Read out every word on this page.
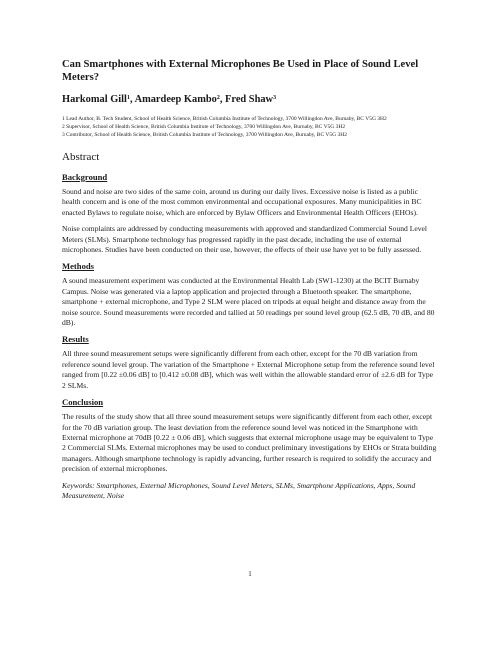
Can Smartphones with External Microphones Be Used in Place of Sound Level Meters?
Harkomal Gill$^1$, Amardeep Kambo$^2$, Fred Shaw$^3$
1 Lead Author, B. Tech Student, School of Health Science, British Columbia Institute of Technology, 3700 Willingdon Ave, Burnaby, BC V5G 3H2
2 Supervisor, School of Health Science, British Columbia Institute of Technology, 3700 Willingdon Ave, Burnaby, BC V5G 3H2
3 Contributor, School of Health Science, British Columbia Institute of Technology, 3700 Willingdon Ave, Burnaby, BC V5G 3H2
Abstract
Background

Sound and noise are two sides of the same coin, around us during our daily lives. Excessive noise is listed as a public health concern and is one of the most common environmental and occupational exposures. Many municipalities in BC enacted Bylaws to regulate noise, which are enforced by Bylaw Officers and Environmental Health Officers (EHOs).

Noise complaints are addressed by conducting measurements with approved and standardized Commercial Sound Level Meters (SLMs). Smartphone technology has progressed rapidly in the past decade, including the use of external microphones. Studies have been conducted on their use, however, the effects of their use have yet to be fully assessed.

Methods

A sound measurement experiment was conducted at the Environmental Health Lab (SW1-1230) at the BCIT Burnaby Campus. Noise was generated via a laptop application and projected through a Bluetooth speaker. The smartphone, smartphone + external microphone, and Type 2 SLM were placed on tripods at equal height and distance away from the noise source. Sound measurements were recorded and tallied at 50 readings per sound level group (62.5 dB, 70 dB, and 80 dB).

Results

All three sound measurement setups were significantly different from each other, except for the 70 dB variation from reference sound level group. The variation of the Smartphone + External Microphone setup from the reference sound level ranged from [0.22 ±0.06 dB] to [0.412 ±0.08 dB], which was well within the allowable standard error of ±2.6 dB for Type 2 SLMs.

Conclusion

The results of the study show that all three sound measurement setups were significantly different from each other, except for the 70 dB variation group. The least deviation from the reference sound level was noticed in the Smartphone with External microphone at 70dB [0.22 ± 0.06 dB], which suggests that external microphone usage may be equivalent to Type 2 Commercial SLMs. External microphones may be used to conduct preliminary investigations by EHOs or Strata building managers. Although smartphone technology is rapidly advancing, further research is required to solidify the accuracy and precision of external microphones.

Keywords: Smartphones, External Microphones, Sound Level Meters, SLMs, Smartphone Applications, Apps, Sound Measurement, Noise

1
